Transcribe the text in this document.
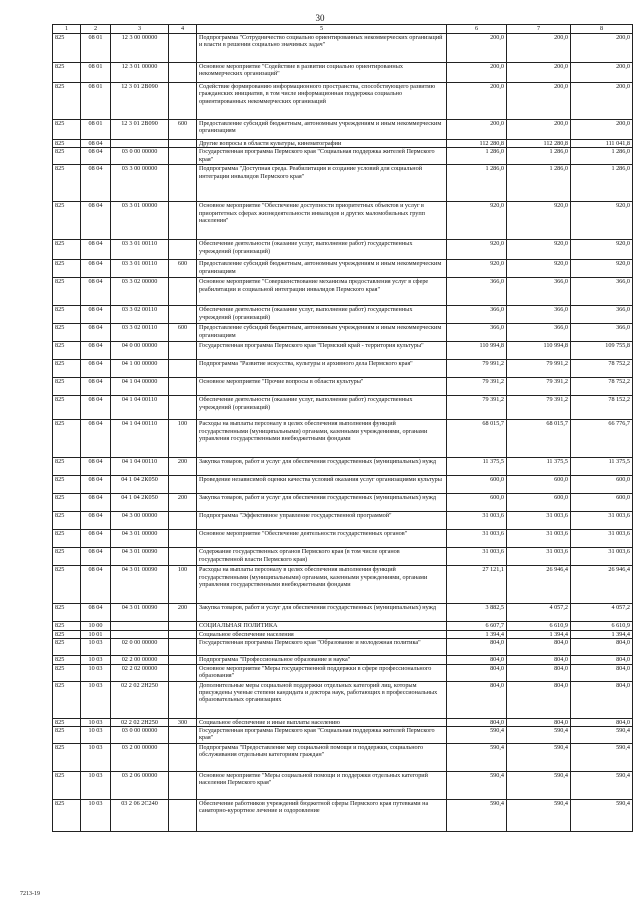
30
1	2	3	4	5	6	7	8
825	08 01	12 3 00 00000		Подпрограмма "Сотрудничество социально ориентированных некоммерческих организаций и власти в решении социально значимых задач"	200,0	200,0	200,0
825	08 01	12 3 01 00000		Основное мероприятие "Содействие в развитии социально ориентированных некоммерческих организаций"	200,0	200,0	200,0
825	08 01	12 3 01 2В090		Содействие формированию информационного пространства, способствующего развитию гражданских инициатив, в том числе информационная поддержка социально ориентированных некоммерческих организаций	200,0	200,0	200,0
825	08 01	12 3 01 2В090	600	Предоставление субсидий бюджетным, автономным учреждениям и иным некоммерческим организациям	200,0	200,0	200,0
825	08 04			Другие вопросы в области культуры, кинематографии	112 280,8	112 280,8	111 041,8
825	08 04	03 0 00 00000		Государственная программа Пермского края "Социальная поддержка жителей Пермского края"	1 286,0	1 286,0	1 286,0
825	08 04	03 3 00 00000		Подпрограмма "Доступная среда. Реабилитация и создание условий для социальной интеграции инвалидов Пермского края"	1 286,0	1 286,0	1 286,0
825	08 04	03 3 01 00000		Основное мероприятие "Обеспечение доступности приоритетных объектов и услуг в приоритетных сферах жизнедеятельности инвалидов и других маломобильных групп населения"	920,0	920,0	920,0
825	08 04	03 3 01 00110		Обеспечение деятельности (оказание услуг, выполнение работ) государственных учреждений (организаций)	920,0	920,0	920,0
825	08 04	03 3 01 00110	600	Предоставление субсидий бюджетным, автономным учреждениям и иным некоммерческим организациям	920,0	920,0	920,0
825	08 04	03 3 02 00000		Основное мероприятие "Совершенствование механизма предоставления услуг в сфере реабилитации и социальной интеграции инвалидов Пермского края"	366,0	366,0	366,0
825	08 04	03 3 02 00110		Обеспечение деятельности (оказание услуг, выполнение работ) государственных учреждений (организаций)	366,0	366,0	366,0
825	08 04	03 3 02 00110	600	Предоставление субсидий бюджетным, автономным учреждениям и иным некоммерческим организациям	366,0	366,0	366,0
825	08 04	04 0 00 00000		Государственная программа Пермского края "Пермский край - территория культуры"	110 994,8	110 994,8	109 755,8
825	08 04	04 1 00 00000		Подпрограмма "Развитие искусства, культуры и архивного дела Пермского края"	79 991,2	79 991,2	78 752,2
825	08 04	04 1 04 00000		Основное мероприятие "Прочие вопросы в области культуры"	79 391,2	79 391,2	78 752,2
825	08 04	04 1 04 00110		Обеспечение деятельности (оказание услуг, выполнение работ) государственных учреждений (организаций)	79 391,2	79 391,2	78 152,2
825	08 04	04 1 04 00110	100	Расходы на выплаты персоналу в целях обеспечения выполнения функций государственными (муниципальными) органами, казенными учреждениями, органами управления государственными внебюджетными фондами	68 015,7	68 015,7	66 776,7
825	08 04	04 1 04 00110	200	Закупка товаров, работ и услуг для обеспечения государственных (муниципальных) нужд	11 375,5	11 375,5	11 375,5
825	08 04	04 1 04 2К050		Проведение независимой оценки качества условий оказания услуг организациями культуры	600,0	600,0	600,0
825	08 04	04 1 04 2К050	200	Закупка товаров, работ и услуг для обеспечения государственных (муниципальных) нужд	600,0	600,0	600,0
825	08 04	04 3 00 00000		Подпрограмма "Эффективное управление государственной программой"	31 003,6	31 003,6	31 003,6
825	08 04	04 3 01 00000		Основное мероприятие "Обеспечение деятельности государственных органов"	31 003,6	31 003,6	31 003,6
825	08 04	04 3 01 00090		Содержание государственных органов Пермского края (в том числе органов государственной власти Пермского края)	31 003,6	31 003,6	31 003,6
825	08 04	04 3 01 00090	100	Расходы на выплаты персоналу в целях обеспечения выполнения функций государственными (муниципальными) органами, казенными учреждениями, органами управления государственными внебюджетными фондами	27 121,1	26 946,4	26 946,4
825	08 04	04 3 01 00090	200	Закупка товаров, работ и услуг для обеспечения государственных (муниципальных) нужд	3 882,5	4 057,2	4 057,2
825	10 00			СОЦИАЛЬНАЯ ПОЛИТИКА	6 607,7	6 610,9	6 610,9
825	10 01			Социальное обеспечение населения	1 394,4	1 394,4	1 394,4
825	10 03	02 0 00 00000		Государственная программа Пермского края "Образование и молодежная политика"	804,0	804,0	804,0
825	10 03	02 2 00 00000		Подпрограмма "Профессиональное образование и наука"	804,0	804,0	804,0
825	10 03	02 2 02 00000		Основное мероприятие "Меры государственной поддержки в сфере профессионального образования"	804,0	804,0	804,0
825	10 03	02 2 02 2Н250		Дополнительные меры социальной поддержки отдельных категорий лиц, которым присуждены ученые степени кандидата и доктора наук, работающих в профессиональных образовательных организациях	804,0	804,0	804,0
825	10 03	02 2 02 2Н250	300	Социальное обеспечение и иные выплаты населению	804,0	804,0	804,0
825	10 03	03 0 00 00000		Государственная программа Пермского края "Социальная поддержка жителей Пермского края"	590,4	590,4	590,4
825	10 03	03 2 00 00000		Подпрограмма "Предоставление мер социальной помощи и поддержки, социального обслуживания отдельным категориям граждан"	590,4	590,4	590,4
825	10 03	03 2 06 00000		Основное мероприятие "Меры социальной помощи и поддержки отдельных категорий населения Пермского края"	590,4	590,4	590,4
825	10 03	03 2 06 2С240		Обеспечение работников учреждений бюджетной сферы Пермского края путевками на санаторно-курортное лечение и оздоровление	590,4	590,4	590,4
7213-19
